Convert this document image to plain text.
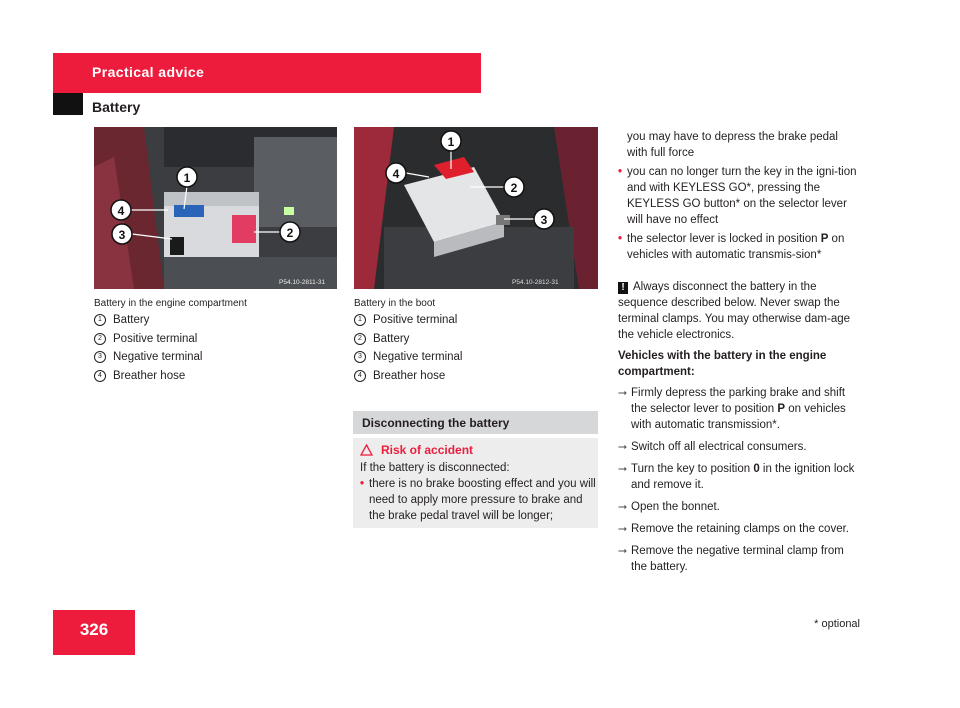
Practical advice
Battery
P54.10-2811-31
1
4
3	2
P54.10-2812-31
1
4
2
3
Battery in the engine compartment
1 Battery
2 Positive terminal
3 Negative terminal
4 Breather hose
Battery in the boot
1 Positive terminal
2 Battery
3 Negative terminal
4 Breather hose
Disconnecting the battery
Risk of accident
If the battery is disconnected:
• there is no brake boosting effect and you will need to apply more pressure to brake and the brake pedal travel will be longer;
you may have to depress the brake pedal with full force
• you can no longer turn the key in the igni-tion and with KEYLESS GO*, pressing the KEYLESS GO button* on the selector lever will have no effect
• the selector lever is locked in position P on vehicles with automatic transmis-sion*
! Always disconnect the battery in the sequence described below. Never swap the terminal clamps. You may otherwise dam-age the vehicle electronics.
Vehicles with the battery in the engine compartment:
⭢ Firmly depress the parking brake and shift the selector lever to position P on vehicles with automatic transmission*.
⭢ Switch off all electrical consumers.
⭢ Turn the key to position 0 in the ignition lock and remove it.
⭢ Open the bonnet.
⭢ Remove the retaining clamps on the cover.
⭢ Remove the negative terminal clamp from the battery.
326	* optional
